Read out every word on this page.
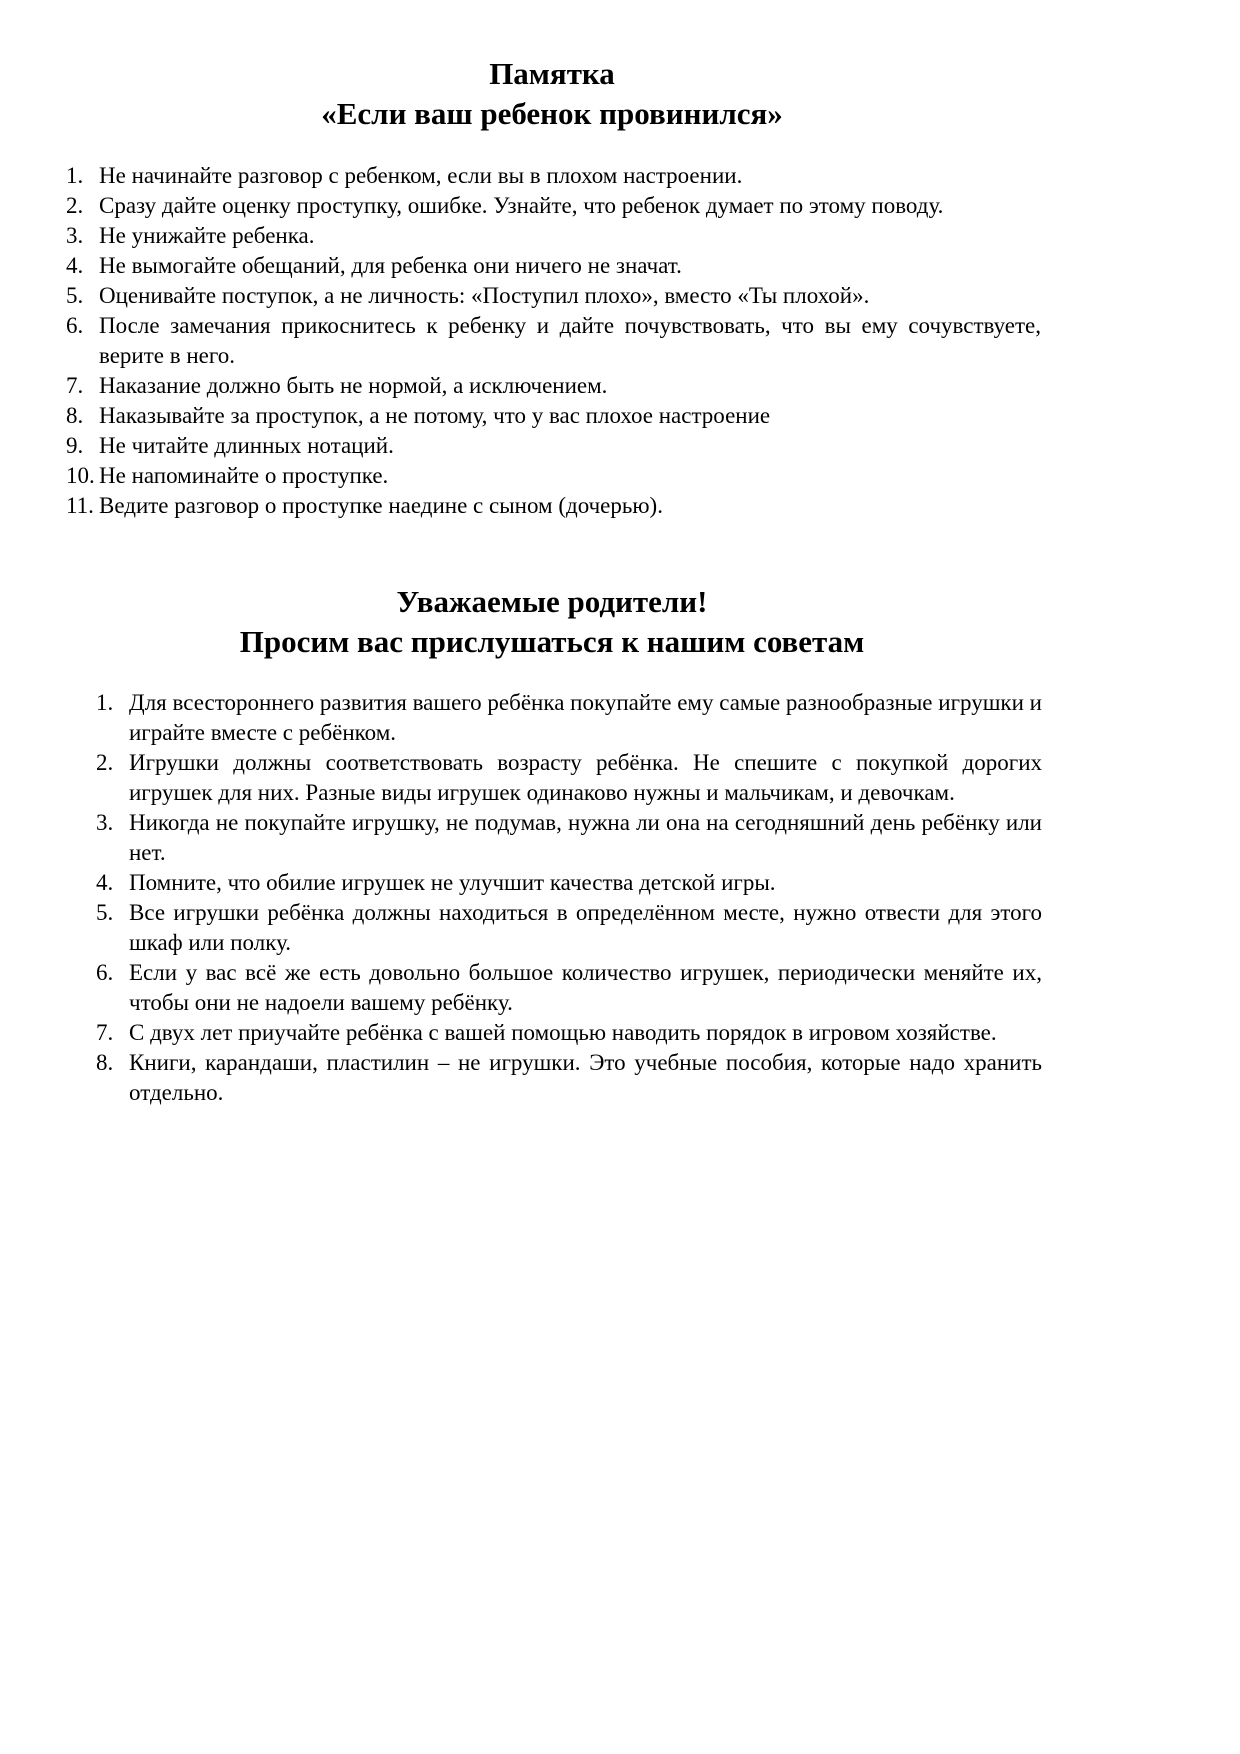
Памятка
«Если ваш ребенок провинился»
1. Не начинайте разговор с ребенком, если вы в плохом настроении.
2. Сразу дайте оценку проступку, ошибке. Узнайте, что ребенок думает по этому поводу.
3. Не унижайте ребенка.
4. Не вымогайте обещаний, для ребенка они ничего не значат.
5. Оценивайте поступок, а не личность: «Поступил плохо», вместо «Ты плохой».
6. После замечания прикоснитесь к ребенку и дайте почувствовать, что вы ему сочувствуете, верите в него.
7. Наказание должно быть не нормой, а исключением.
8. Наказывайте за проступок, а не потому, что у вас плохое настроение
9. Не читайте длинных нотаций.
10. Не напоминайте о проступке.
11. Ведите разговор о проступке наедине с сыном (дочерью).
Уважаемые родители!
Просим вас прислушаться к нашим советам
1. Для всестороннего развития вашего ребёнка покупайте ему самые разнообразные игрушки и играйте вместе с ребёнком.
2. Игрушки должны соответствовать возрасту ребёнка. Не спешите с покупкой дорогих игрушек для них. Разные виды игрушек одинаково нужны и мальчикам, и девочкам.
3. Никогда не покупайте игрушку, не подумав, нужна ли она на сегодняшний день ребёнку или нет.
4. Помните, что обилие игрушек не улучшит качества детской игры.
5. Все игрушки ребёнка должны находиться в определённом месте, нужно отвести для этого шкаф или полку.
6. Если у вас всё же есть довольно большое количество игрушек, периодически меняйте их, чтобы они не надоели вашему ребёнку.
7. С двух лет приучайте ребёнка с вашей помощью наводить порядок в игровом хозяйстве.
8. Книги, карандаши, пластилин – не игрушки. Это учебные пособия, которые надо хранить отдельно.
